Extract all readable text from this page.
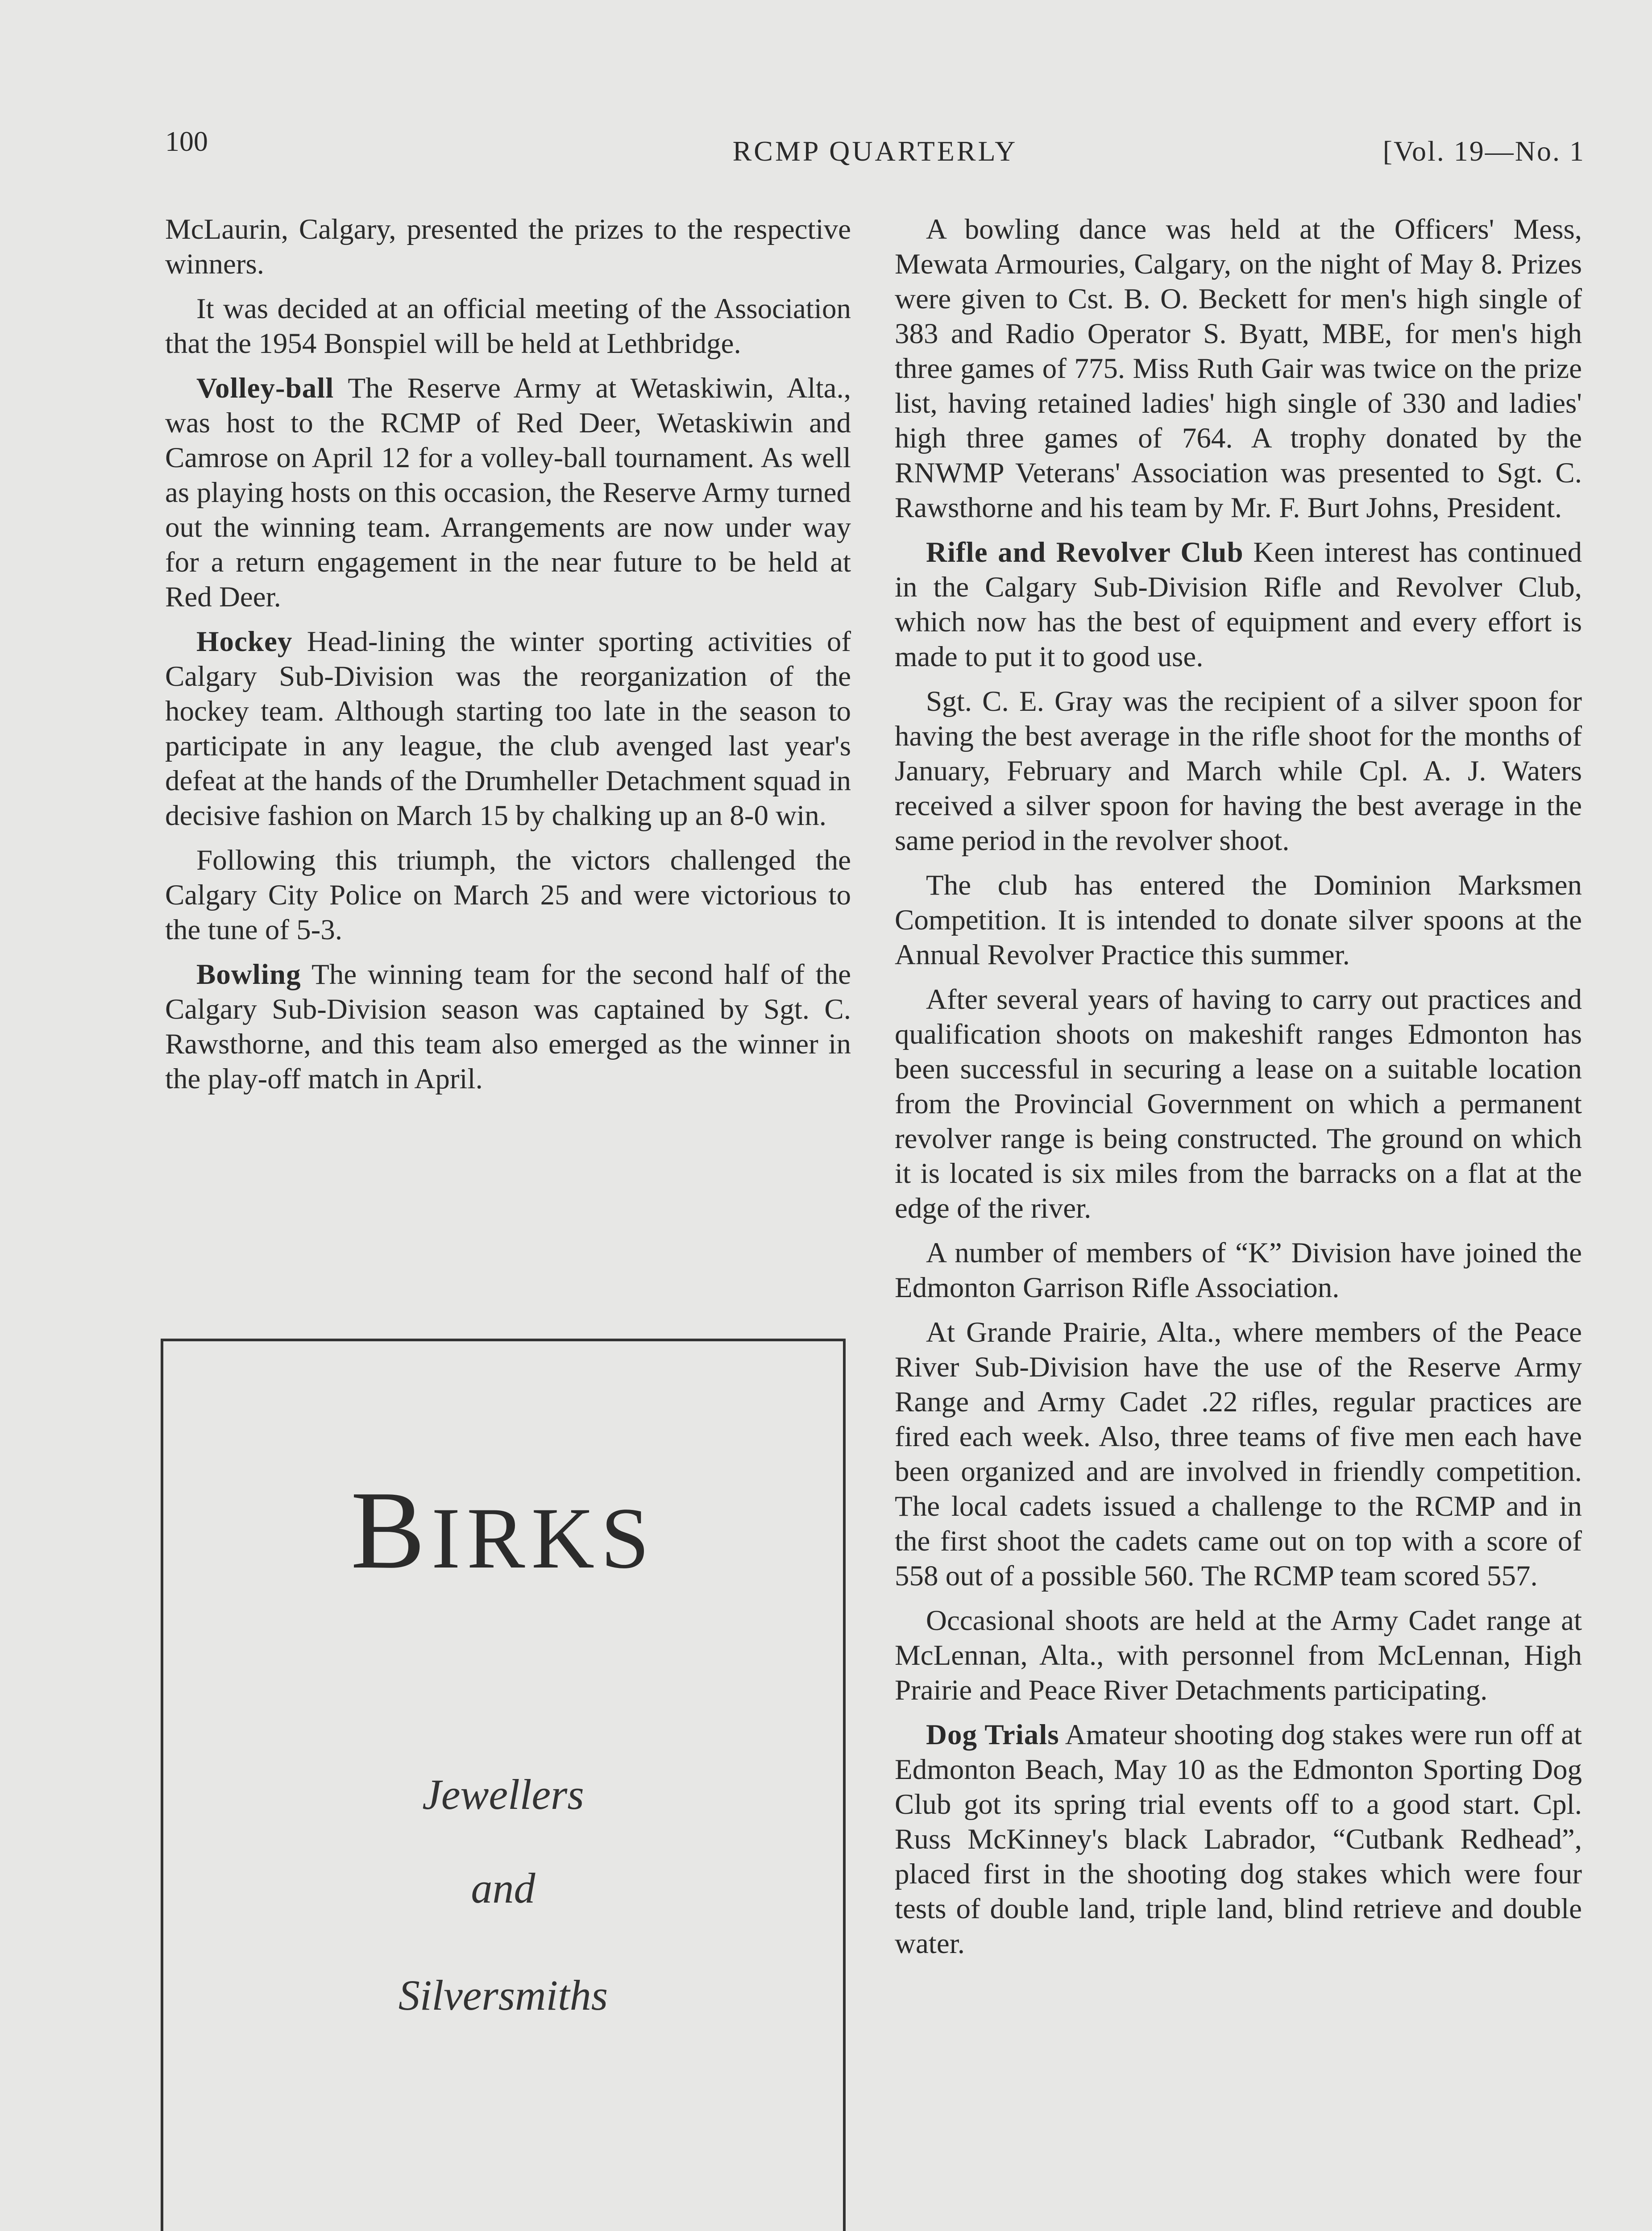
100	RCMP QUARTERLY	[Vol. 19—No. 1

McLaurin, Calgary, presented the prizes to the respective winners.

It was decided at an official meeting of the Association that the 1954 Bonspiel will be held at Lethbridge.

Volley-ball The Reserve Army at Wetaskiwin, Alta., was host to the RCMP of Red Deer, Wetaskiwin and Camrose on April 12 for a volley-ball tournament. As well as playing hosts on this occasion, the Reserve Army turned out the winning team. Arrangements are now under way for a return engagement in the near future to be held at Red Deer.

Hockey Head-lining the winter sporting activities of Calgary Sub-Division was the reorganization of the hockey team. Although starting too late in the season to participate in any league, the club avenged last year's defeat at the hands of the Drumheller Detachment squad in decisive fashion on March 15 by chalking up an 8-0 win.

Following this triumph, the victors challenged the Calgary City Police on March 25 and were victorious to the tune of 5-3.

Bowling The winning team for the second half of the Calgary Sub-Division season was captained by Sgt. C. Rawsthorne, and this team also emerged as the winner in the play-off match in April.

BIRKS
Jewellers
and
Silversmiths

A bowling dance was held at the Officers' Mess, Mewata Armouries, Calgary, on the night of May 8. Prizes were given to Cst. B. O. Beckett for men's high single of 383 and Radio Operator S. Byatt, MBE, for men's high three games of 775. Miss Ruth Gair was twice on the prize list, having retained ladies' high single of 330 and ladies' high three games of 764. A trophy donated by the RNWMP Veterans' Association was presented to Sgt. C. Rawsthorne and his team by Mr. F. Burt Johns, President.

Rifle and Revolver Club Keen interest has continued in the Calgary Sub-Division Rifle and Revolver Club, which now has the best of equipment and every effort is made to put it to good use.

Sgt. C. E. Gray was the recipient of a silver spoon for having the best average in the rifle shoot for the months of January, February and March while Cpl. A. J. Waters received a silver spoon for having the best average in the same period in the revolver shoot.

The club has entered the Dominion Marksmen Competition. It is intended to donate silver spoons at the Annual Revolver Practice this summer.

After several years of having to carry out practices and qualification shoots on makeshift ranges Edmonton has been successful in securing a lease on a suitable location from the Provincial Government on which a permanent revolver range is being constructed. The ground on which it is located is six miles from the barracks on a flat at the edge of the river.

A number of members of “K” Division have joined the Edmonton Garrison Rifle Association.

At Grande Prairie, Alta., where members of the Peace River Sub-Division have the use of the Reserve Army Range and Army Cadet .22 rifles, regular practices are fired each week. Also, three teams of five men each have been organized and are involved in friendly competition. The local cadets issued a challenge to the RCMP and in the first shoot the cadets came out on top with a score of 558 out of a possible 560. The RCMP team scored 557.

Occasional shoots are held at the Army Cadet range at McLennan, Alta., with personnel from McLennan, High Prairie and Peace River Detachments participating.

Dog Trials Amateur shooting dog stakes were run off at Edmonton Beach, May 10 as the Edmonton Sporting Dog Club got its spring trial events off to a good start. Cpl. Russ McKinney's black Labrador, “Cutbank Redhead”, placed first in the shooting dog stakes which were four tests of double land, triple land, blind retrieve and double water.
